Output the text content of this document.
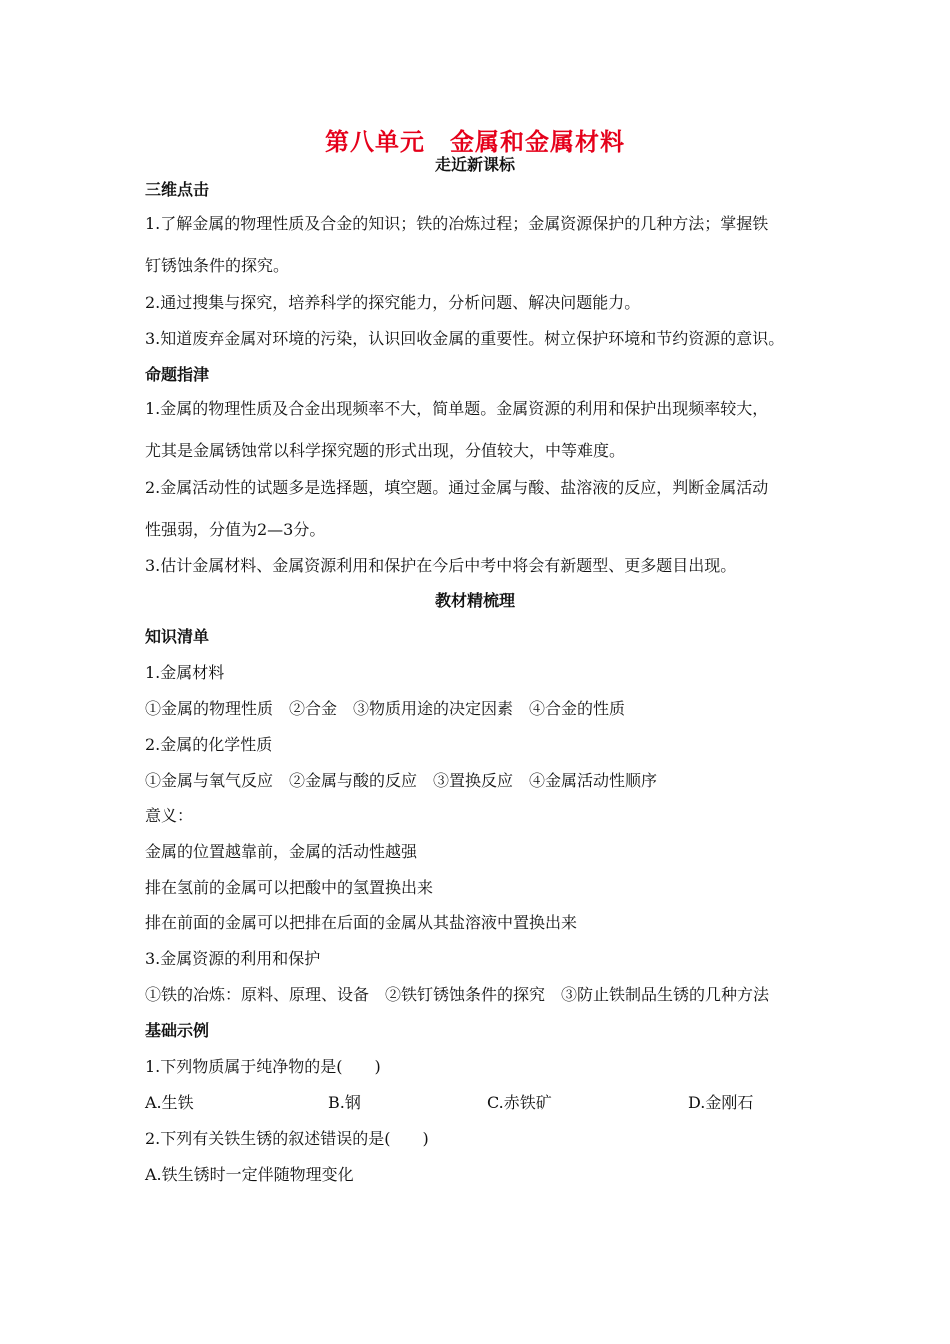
第八单元　金属和金属材料
走近新课标
三维点击
1.了解金属的物理性质及合金的知识；铁的冶炼过程；金属资源保护的几种方法；掌握铁
钉锈蚀条件的探究。
2.通过搜集与探究，培养科学的探究能力，分析问题、解决问题能力。
3.知道废弃金属对环境的污染，认识回收金属的重要性。树立保护环境和节约资源的意识。
命题指津
1.金属的物理性质及合金出现频率不大，简单题。金属资源的利用和保护出现频率较大，
尤其是金属锈蚀常以科学探究题的形式出现，分值较大，中等难度。
2.金属活动性的试题多是选择题，填空题。通过金属与酸、盐溶液的反应，判断金属活动
性强弱，分值为2—3分。
3.估计金属材料、金属资源利用和保护在今后中考中将会有新题型、更多题目出现。
教材精梳理
知识清单
1.金属材料
①金属的物理性质　②合金　③物质用途的决定因素　④合金的性质
2.金属的化学性质
①金属与氧气反应　②金属与酸的反应　③置换反应　④金属活动性顺序
意义：
金属的位置越靠前，金属的活动性越强
排在氢前的金属可以把酸中的氢置换出来
排在前面的金属可以把排在后面的金属从其盐溶液中置换出来
3.金属资源的利用和保护
①铁的冶炼：原料、原理、设备　②铁钉锈蚀条件的探究　③防止铁制品生锈的几种方法
基础示例
1.下列物质属于纯净物的是(　　)
A.生铁	B.钢	C.赤铁矿	D.金刚石
2.下列有关铁生锈的叙述错误的是(　　)
A.铁生锈时一定伴随物理变化
